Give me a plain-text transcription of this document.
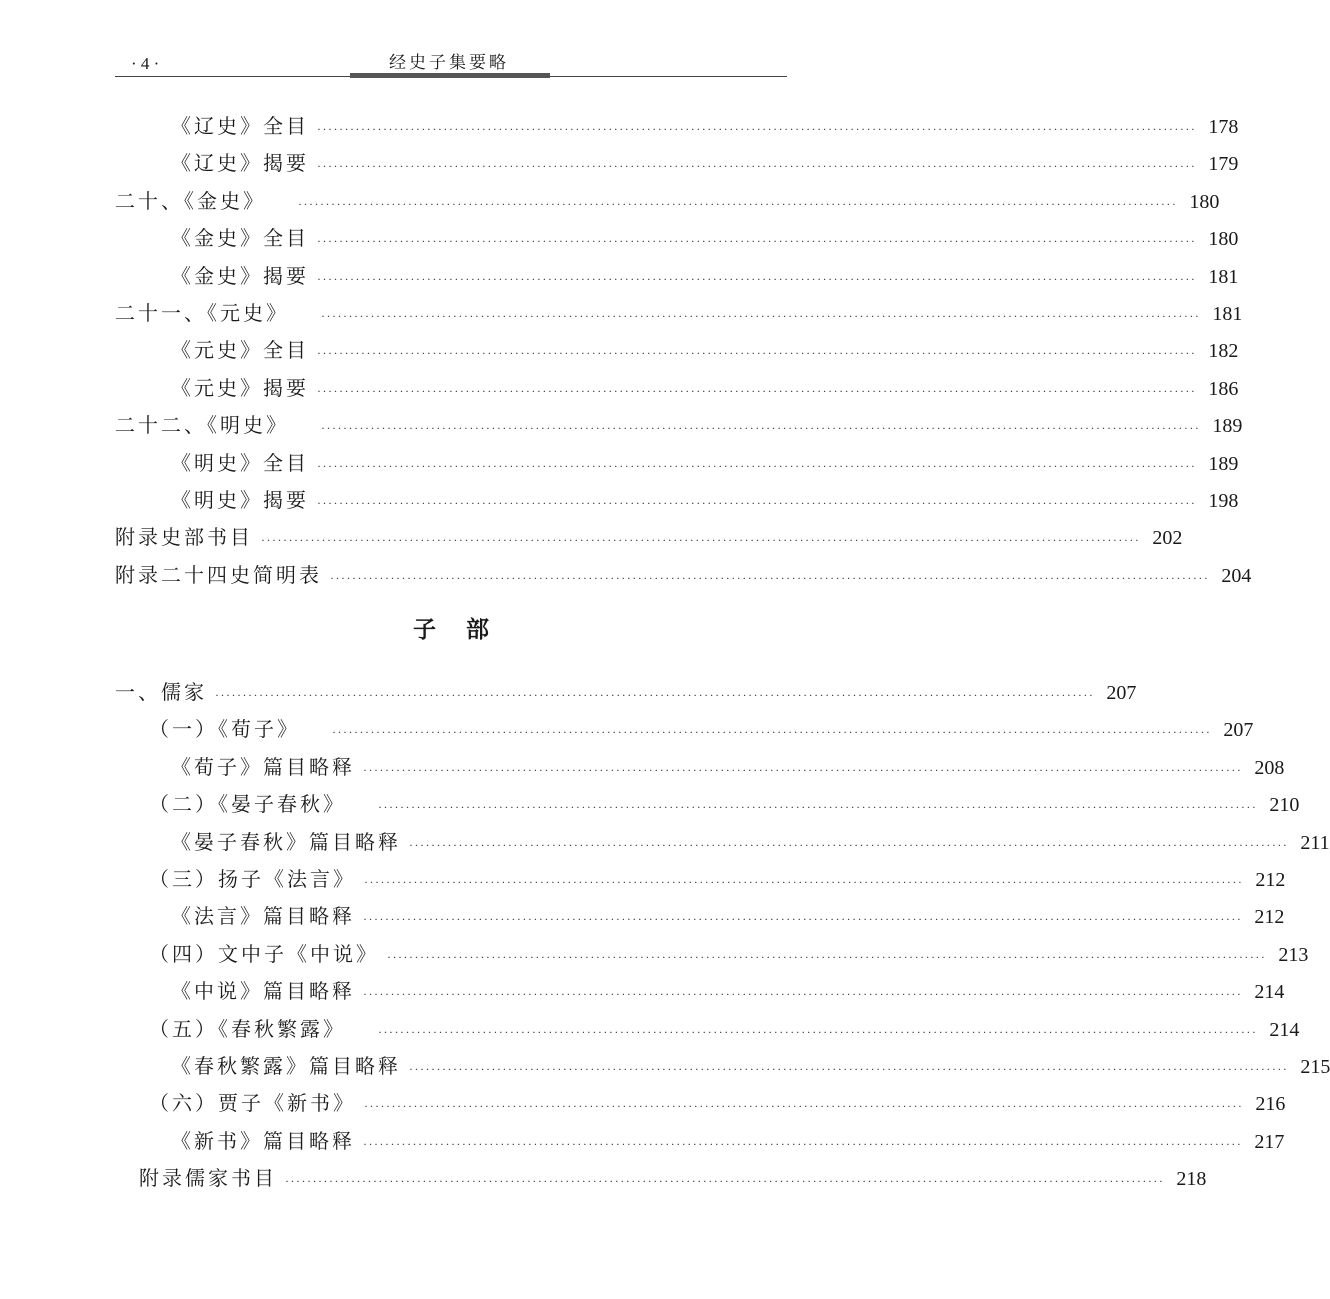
· 4 ·	经史子集要略
《辽史》全目 ································································································································································ 178
《辽史》揭要 ································································································································································ 179
二十、《金史》	································································································································································ 180
《金史》全目 ································································································································································ 180
《金史》揭要 ································································································································································ 181
二十一、《元史》	································································································································································ 181
《元史》全目 ································································································································································ 182
《元史》揭要 ································································································································································ 186
二十二、《明史》	································································································································································ 189
《明史》全目 ································································································································································ 189
《明史》揭要 ································································································································································ 198
附录史部书目 ································································································································································ 202
附录二十四史简明表 ································································································································································ 204
子部
一、儒家 ································································································································································ 207
（一）《荀子》	································································································································································ 207
《荀子》篇目略释 ································································································································································ 208
（二）《晏子春秋》	································································································································································ 210
《晏子春秋》篇目略释 ································································································································································ 211
（三）扬子《法言》 ································································································································································ 212
《法言》篇目略释 ································································································································································ 212
（四）文中子《中说》 ································································································································································ 213
《中说》篇目略释 ································································································································································ 214
（五）《春秋繁露》	································································································································································ 214
《春秋繁露》篇目略释 ································································································································································ 215
（六）贾子《新书》 ································································································································································ 216
《新书》篇目略释 ································································································································································ 217
附录儒家书目 ································································································································································ 218
